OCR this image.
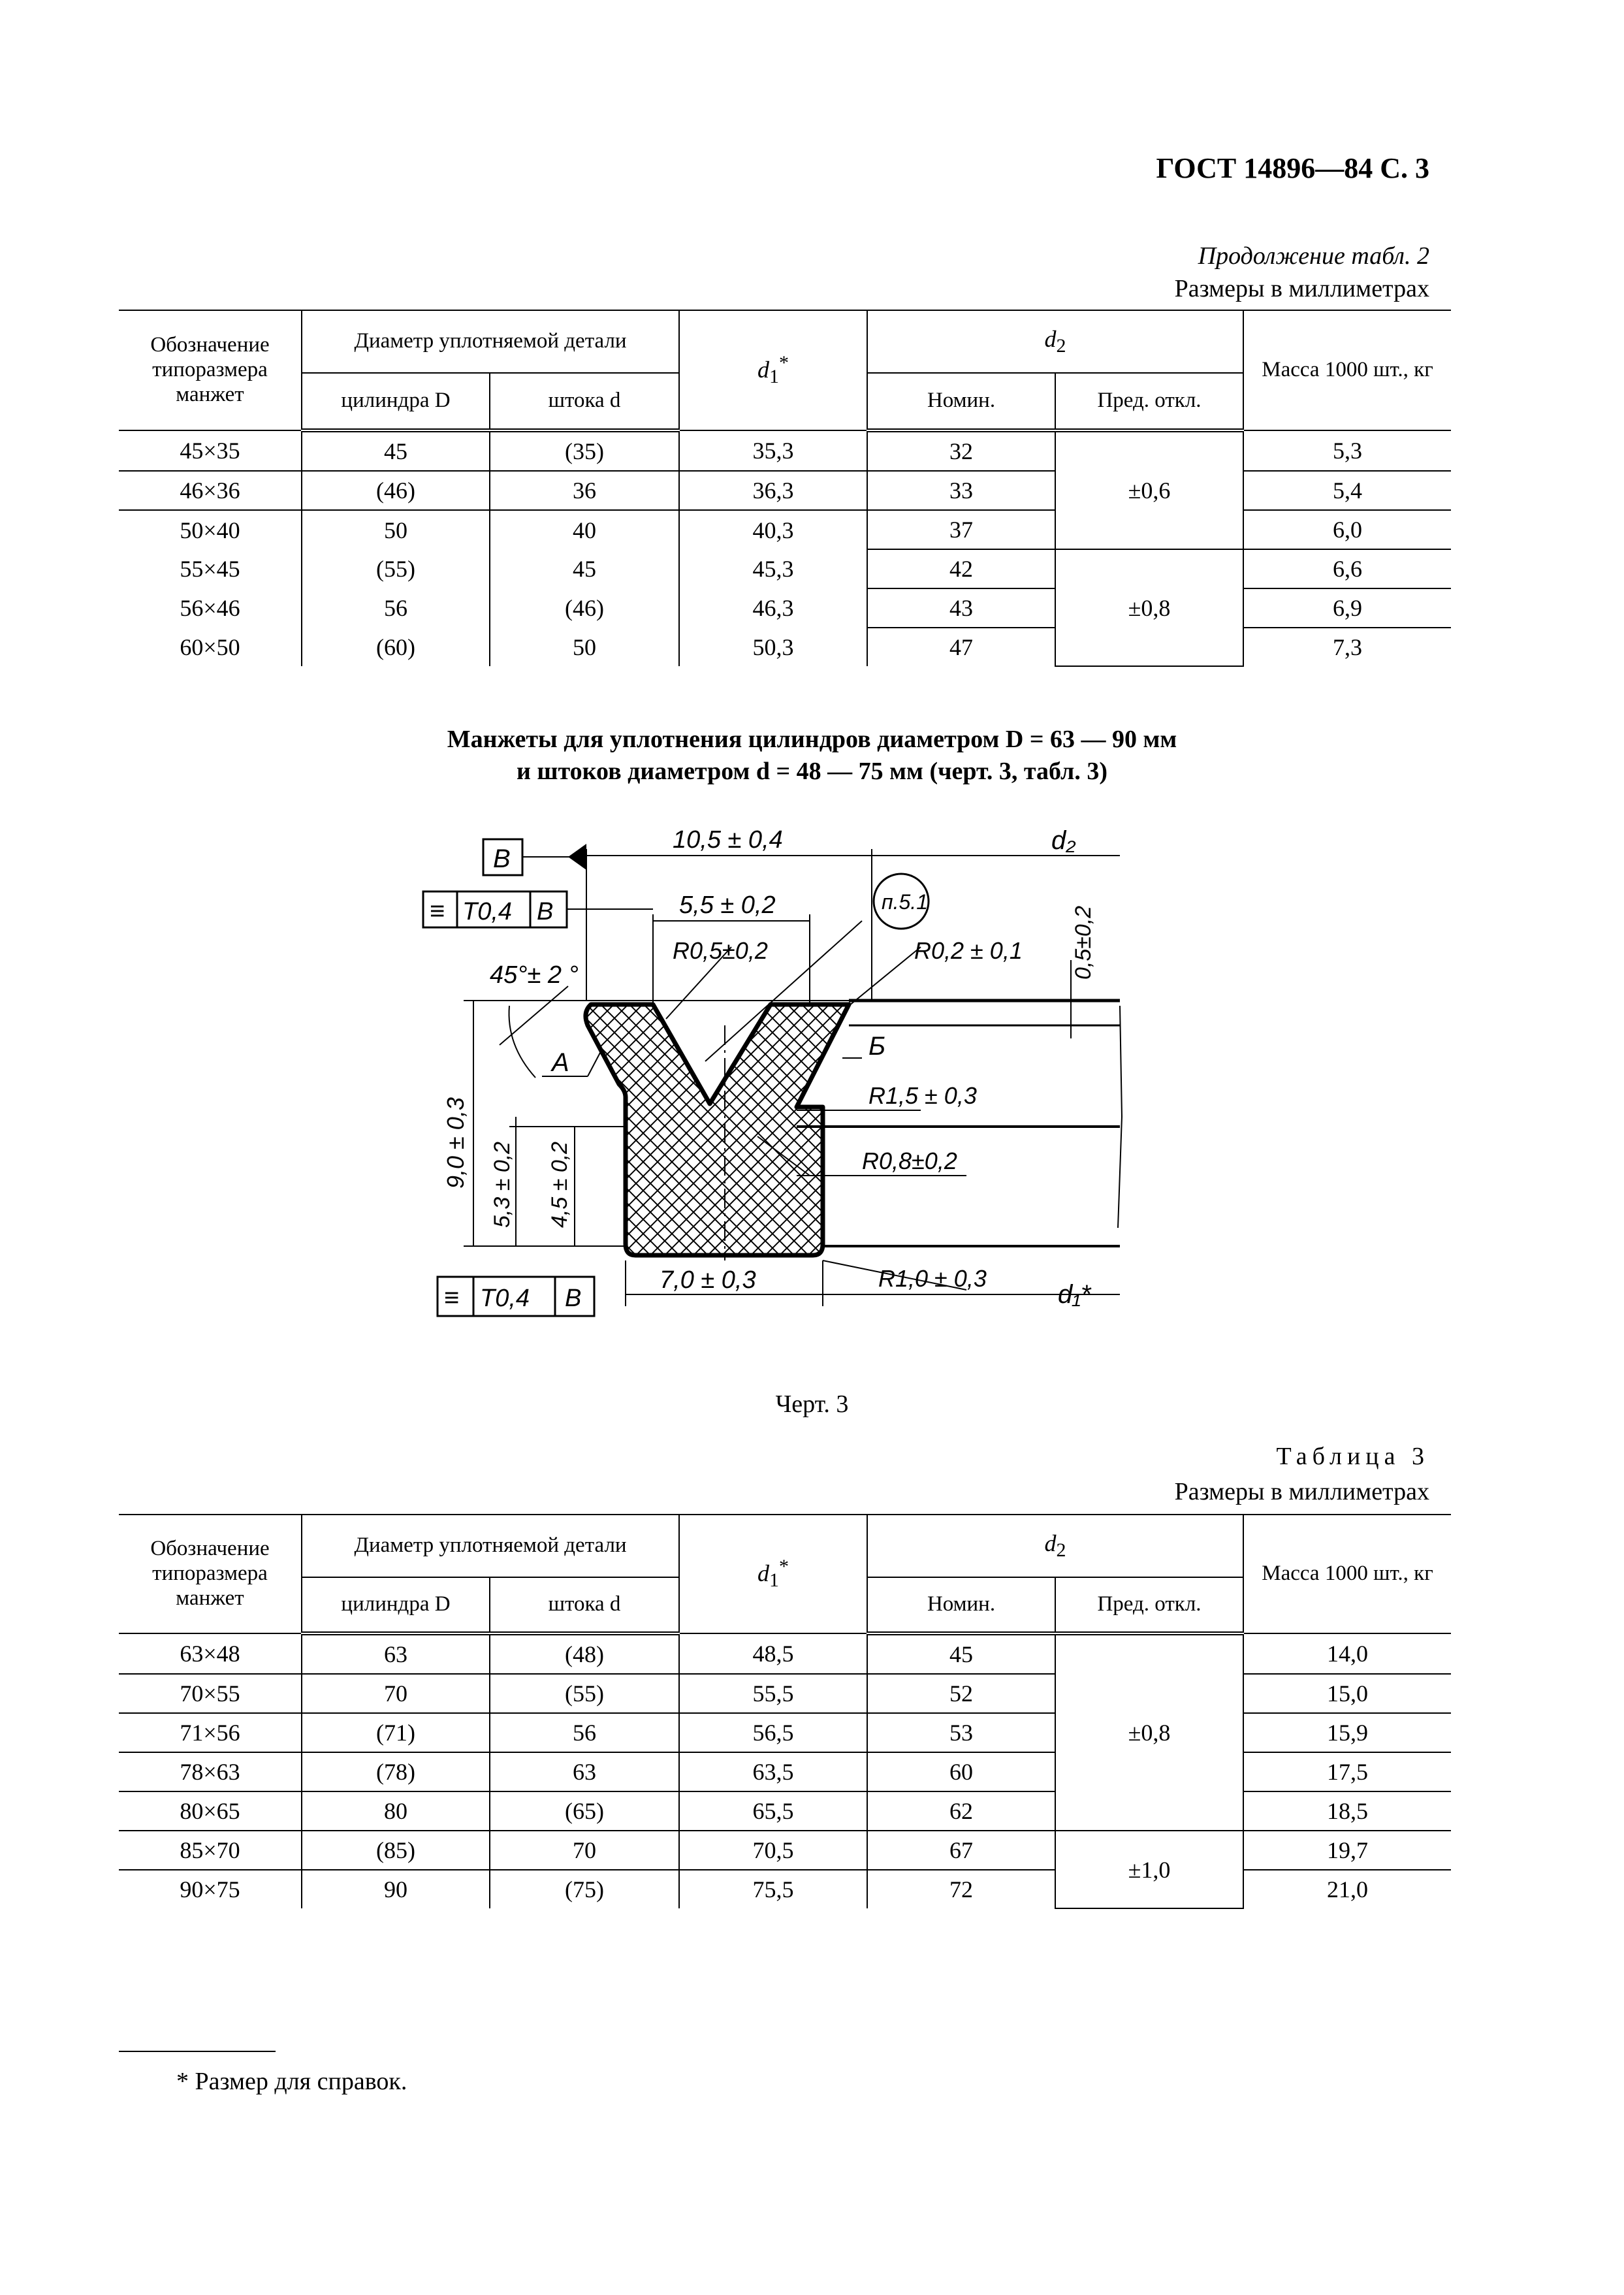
ГОСТ 14896—84 С. 3
Продолжение табл. 2
Размеры в миллиметрах
Обозначение типоразмера манжет	Диаметр уплотняемой детали		$d_1^*$	$d_2$		Масса 1000 шт., кг
	цилиндра D	штока d		Номин.	Пред. откл.	
45×35	45	(35)	35,3	32	±0,6	5,3
46×36	(46)	36	36,3	33		5,4
50×40	50	40	40,3	37		6,0
55×45	(55)	45	45,3	42	±0,8	6,6
56×46	56	(46)	46,3	43		6,9
60×50	(60)	50	50,3	47		7,3
Манжеты для уплотнения цилиндров диаметром D = 63 — 90 мм
и штоков диаметром d = 48 — 75 мм (черт. 3, табл. 3)
B
≡ T0,4 B
≡ T0,4 B
10,5 ± 0,4
5,5 ± 0,2
45°± 2 °
R0,5±0,2	R0,2 ± 0,1
п.5.1
d₂
0,5±0,2
A
Б
R1,5 ± 0,3
R0,8±0,2
R1,0 ± 0,3
7,0 ± 0,3	d₁*
9,0 ± 0,3 5,3 ± 0,2 4,5 ± 0,2
Черт. 3
Таблица 3
Размеры в миллиметрах
Обозначение типоразмера манжет	Диаметр уплотняемой детали		$d_1^*$	$d_2$		Масса 1000 шт., кг
	цилиндра D	штока d		Номин.	Пред. откл.	
63×48	63	(48)	48,5	45	±0,8	14,0
70×55	70	(55)	55,5	52		15,0
71×56	(71)	56	56,5	53		15,9
78×63	(78)	63	63,5	60		17,5
80×65	80	(65)	65,5	62		18,5
85×70	(85)	70	70,5	67	±1,0	19,7
90×75	90	(75)	75,5	72		21,0
* Размер для справок.
